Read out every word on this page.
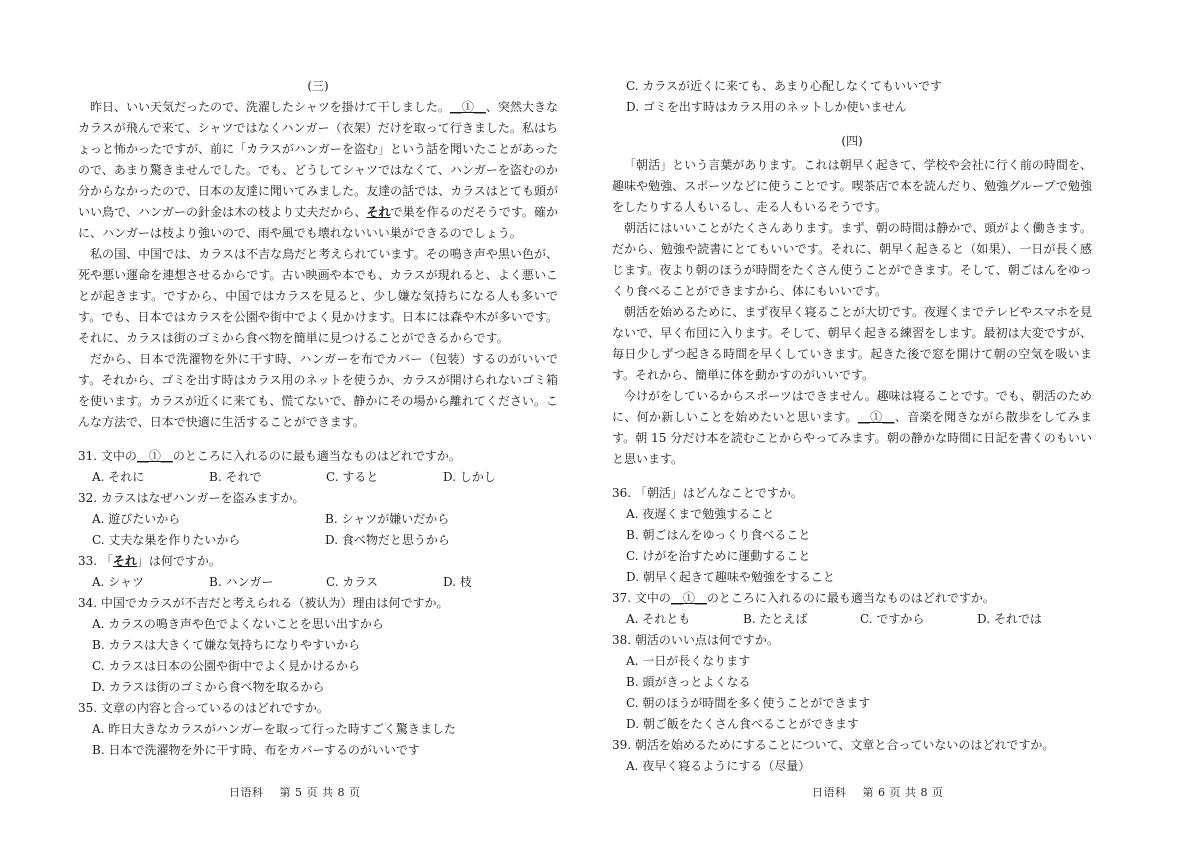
(三)

昨日、いい天気だったので、洗濯したシャツを掛けて干しました。__①__、突然大きなカラスが飛んで来て、シャツではなくハンガー（衣架）だけを取って行きました。私はちょっと怖かったですが、前に「カラスがハンガーを盗む」という話を聞いたことがあったので、あまり驚きませんでした。でも、どうしてシャツではなくて、ハンガーを盗むのか分からなかったので、日本の友達に聞いてみました。友達の話では、カラスはとても頭がいい鳥で、ハンガーの針金は木の枝より丈夫だから、それで巣を作るのだそうです。確かに、ハンガーは枝より強いので、雨や風でも壊れないいい巣ができるのでしょう。

私の国、中国では、カラスは不吉な鳥だと考えられています。その鳴き声や黒い色が、死や悪い運命を連想させるからです。古い映画や本でも、カラスが現れると、よく悪いことが起きます。ですから、中国ではカラスを見ると、少し嫌な気持ちになる人も多いです。でも、日本ではカラスを公園や街中でよく見かけます。日本には森や木が多いです。それに、カラスは街のゴミから食べ物を簡単に見つけることができるからです。

だから、日本で洗濯物を外に干す時、ハンガーを布でカバー（包装）するのがいいです。それから、ゴミを出す時はカラス用のネットを使うか、カラスが開けられないゴミ箱を使います。カラスが近くに来ても、慌てないで、静かにその場から離れてください。こんな方法で、日本で快適に生活することができます。

31. 文中の__①__のところに入れるのに最も適当なものはどれですか。

A. それに	B. それで	C. すると	D. しかし

32. カラスはなぜハンガーを盗みますか。

A. 遊びたいから	B. シャツが嫌いだから
C. 丈夫な巣を作りたいから	D. 食べ物だと思うから

33. 「それ」は何ですか。

A. シャツ	B. ハンガー	C. カラス	D. 枝

34. 中国でカラスが不吉だと考えられる（被认为）理由は何ですか。

A. カラスの鳴き声や色でよくないことを思い出すから
B. カラスは大きくて嫌な気持ちになりやすいから
C. カラスは日本の公園や街中でよく見かけるから
D. カラスは街のゴミから食べ物を取るから

35. 文章の内容と合っているのはどれですか。

A. 昨日大きなカラスがハンガーを取って行った時すごく驚きました
B. 日本で洗濯物を外に干す時、布をカバーするのがいいです
日语科    第 5 页 共 8 页
C. カラスが近くに来ても、あまり心配しなくてもいいです
D. ゴミを出す時はカラス用のネットしか使いません

(四)

「朝活」という言葉があります。これは朝早く起きて、学校や会社に行く前の時間を、趣味や勉強、スポーツなどに使うことです。喫茶店で本を読んだり、勉強グループで勉強をしたりする人もいるし、走る人もいるそうです。

朝活にはいいことがたくさんあります。まず、朝の時間は静かで、頭がよく働きます。だから、勉強や読書にとてもいいです。それに、朝早く起きると（如果）、一日が長く感じます。夜より朝のほうが時間をたくさん使うことができます。そして、朝ごはんをゆっくり食べることができますから、体にもいいです。

朝活を始めるために、まず夜早く寝ることが大切です。夜遅くまでテレビやスマホを見ないで、早く布団に入ります。そして、朝早く起きる練習をします。最初は大変ですが、毎日少しずつ起きる時間を早くしていきます。起きた後で窓を開けて朝の空気を吸います。それから、簡単に体を動かすのがいいです。

今けがをしているからスポーツはできません。趣味は寝ることです。でも、朝活のために、何か新しいことを始めたいと思います。__①__、音楽を聞きながら散歩をしてみます。朝 15 分だけ本を読むことからやってみます。朝の静かな時間に日記を書くのもいいと思います。

36. 「朝活」はどんなことですか。

A. 夜遅くまで勉強すること
B. 朝ごはんをゆっくり食べること
C. けがを治すために運動すること
D. 朝早く起きて趣味や勉強をすること

37. 文中の__①__のところに入れるのに最も適当なものはどれですか。

A. それとも	B. たとえば	C. ですから	D. それでは

38. 朝活のいい点は何ですか。

A. 一日が長くなります
B. 頭がきっとよくなる
C. 朝のほうが時間を多く使うことができます
D. 朝ご飯をたくさん食べることができます

39. 朝活を始めるためにすることについて、文章と合っていないのはどれですか。

A. 夜早く寝るようにする（尽量）
日语科    第 6 页 共 8 页
